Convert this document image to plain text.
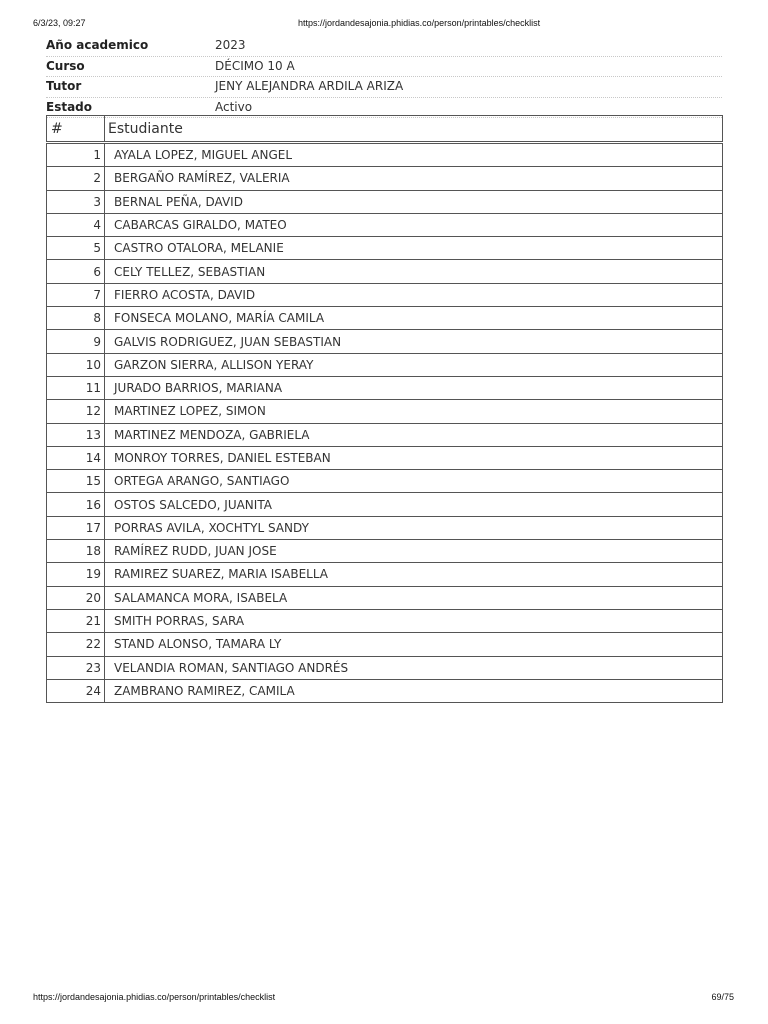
6/3/23, 09:27	https://jordandesajonia.phidias.co/person/printables/checklist
Año academico	2023
Curso	DÉCIMO 10 A
Tutor	JENY ALEJANDRA ARDILA ARIZA
Estado	Activo
#	Estudiante
1	AYALA LOPEZ, MIGUEL ANGEL
2	BERGAÑO RAMÍREZ, VALERIA
3	BERNAL PEÑA, DAVID
4	CABARCAS GIRALDO, MATEO
5	CASTRO OTALORA, MELANIE
6	CELY TELLEZ, SEBASTIAN
7	FIERRO ACOSTA, DAVID
8	FONSECA MOLANO, MARÍA CAMILA
9	GALVIS RODRIGUEZ, JUAN SEBASTIAN
10	GARZON SIERRA, ALLISON YERAY
11	JURADO BARRIOS, MARIANA
12	MARTINEZ LOPEZ, SIMON
13	MARTINEZ MENDOZA, GABRIELA
14	MONROY TORRES, DANIEL ESTEBAN
15	ORTEGA ARANGO, SANTIAGO
16	OSTOS SALCEDO, JUANITA
17	PORRAS AVILA, XOCHTYL SANDY
18	RAMÍREZ RUDD, JUAN JOSE
19	RAMIREZ SUAREZ, MARIA ISABELLA
20	SALAMANCA MORA, ISABELA
21	SMITH PORRAS, SARA
22	STAND ALONSO, TAMARA LY
23	VELANDIA ROMAN, SANTIAGO ANDRÉS
24	ZAMBRANO RAMIREZ, CAMILA
https://jordandesajonia.phidias.co/person/printables/checklist	69/75
